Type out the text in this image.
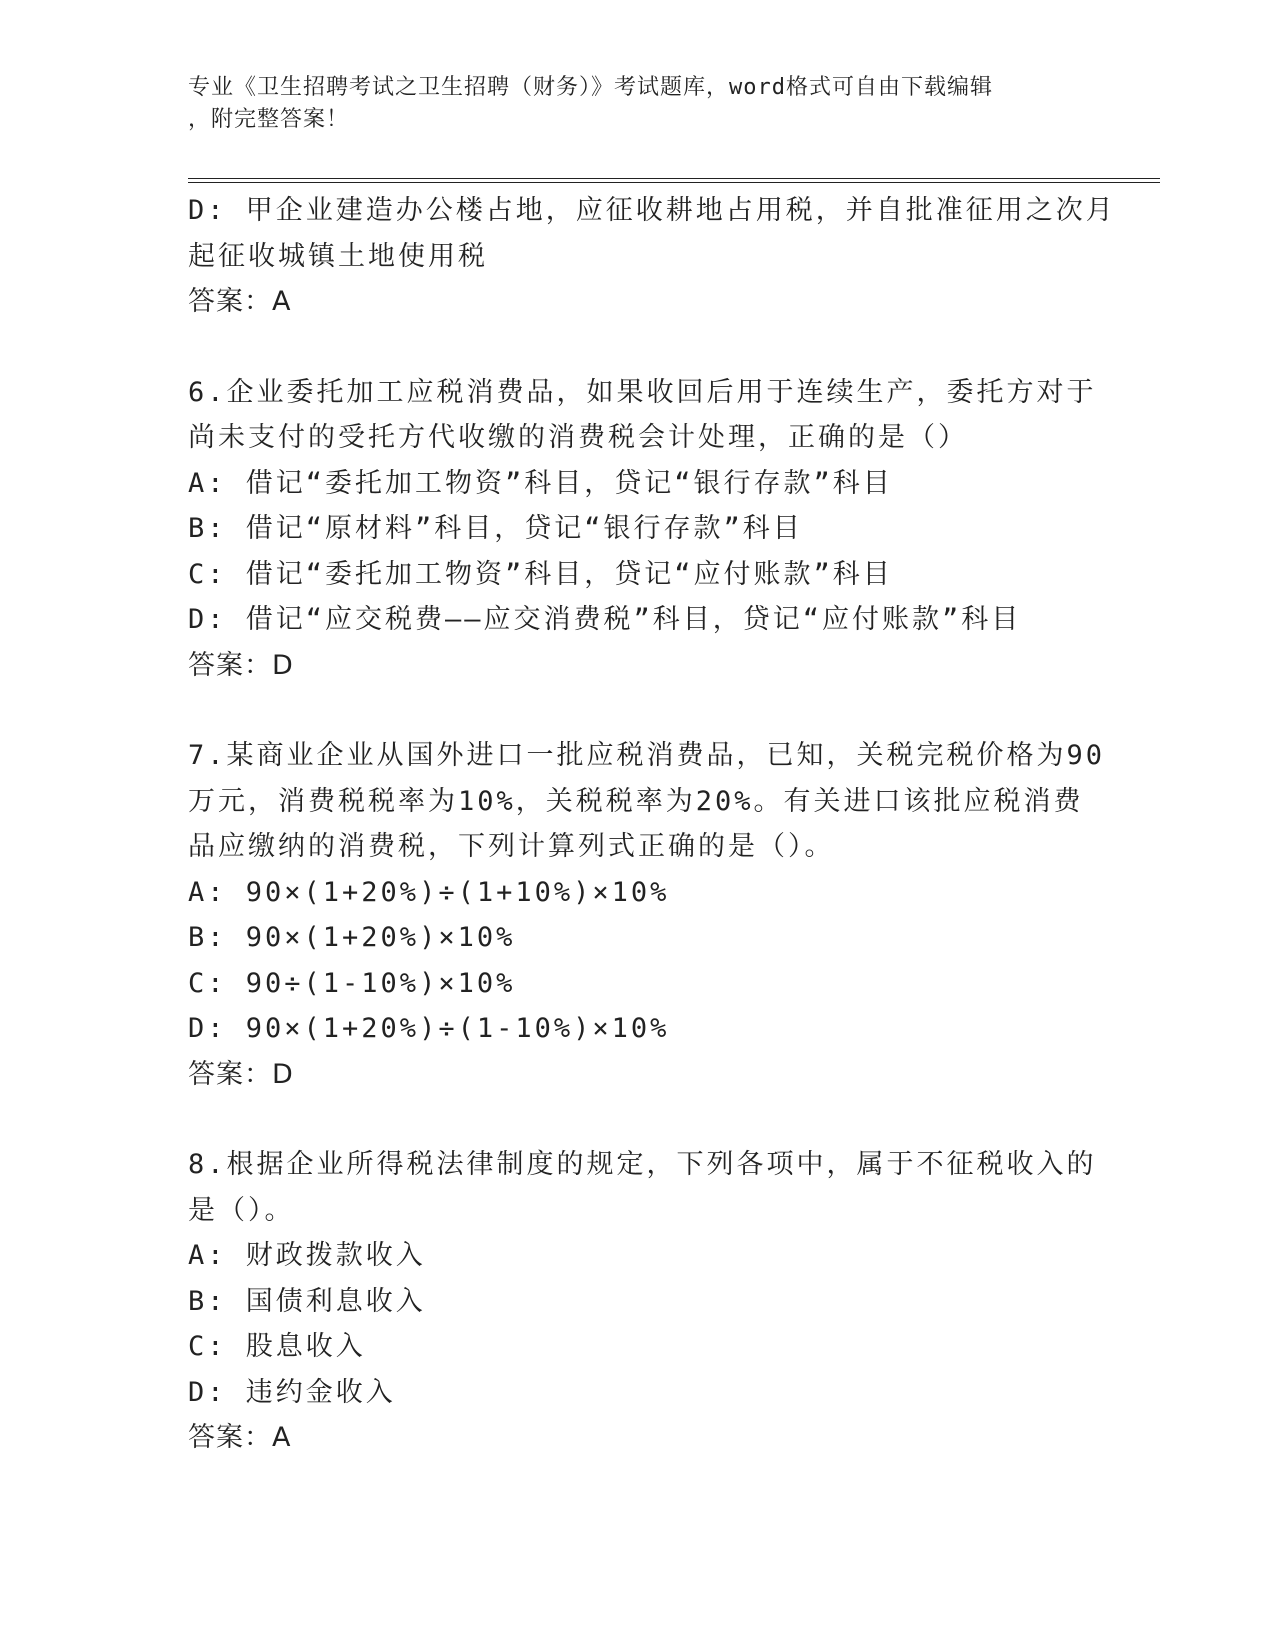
专业《卫生招聘考试之卫生招聘（财务）》考试题库，word格式可自由下载编辑
，附完整答案！
D: 甲企业建造办公楼占地，应征收耕地占用税，并自批准征用之次月
起征收城镇土地使用税
答案：A
6.企业委托加工应税消费品，如果收回后用于连续生产，委托方对于
尚未支付的受托方代收缴的消费税会计处理，正确的是（）
A: 借记“委托加工物资”科目，贷记“银行存款”科目
B: 借记“原材料”科目，贷记“银行存款”科目
C: 借记“委托加工物资”科目，贷记“应付账款”科目
D: 借记“应交税费——应交消费税”科目，贷记“应付账款”科目
答案：D
7.某商业企业从国外进口一批应税消费品，已知，关税完税价格为90
万元，消费税税率为10%，关税税率为20%。有关进口该批应税消费
品应缴纳的消费税，下列计算列式正确的是（）。
A: 90×(1+20%)÷(1+10%)×10%
B: 90×(1+20%)×10%
C: 90÷(1-10%)×10%
D: 90×(1+20%)÷(1-10%)×10%
答案：D
8.根据企业所得税法律制度的规定，下列各项中，属于不征税收入的
是（）。
A: 财政拨款收入
B: 国债利息收入
C: 股息收入
D: 违约金收入
答案：A
